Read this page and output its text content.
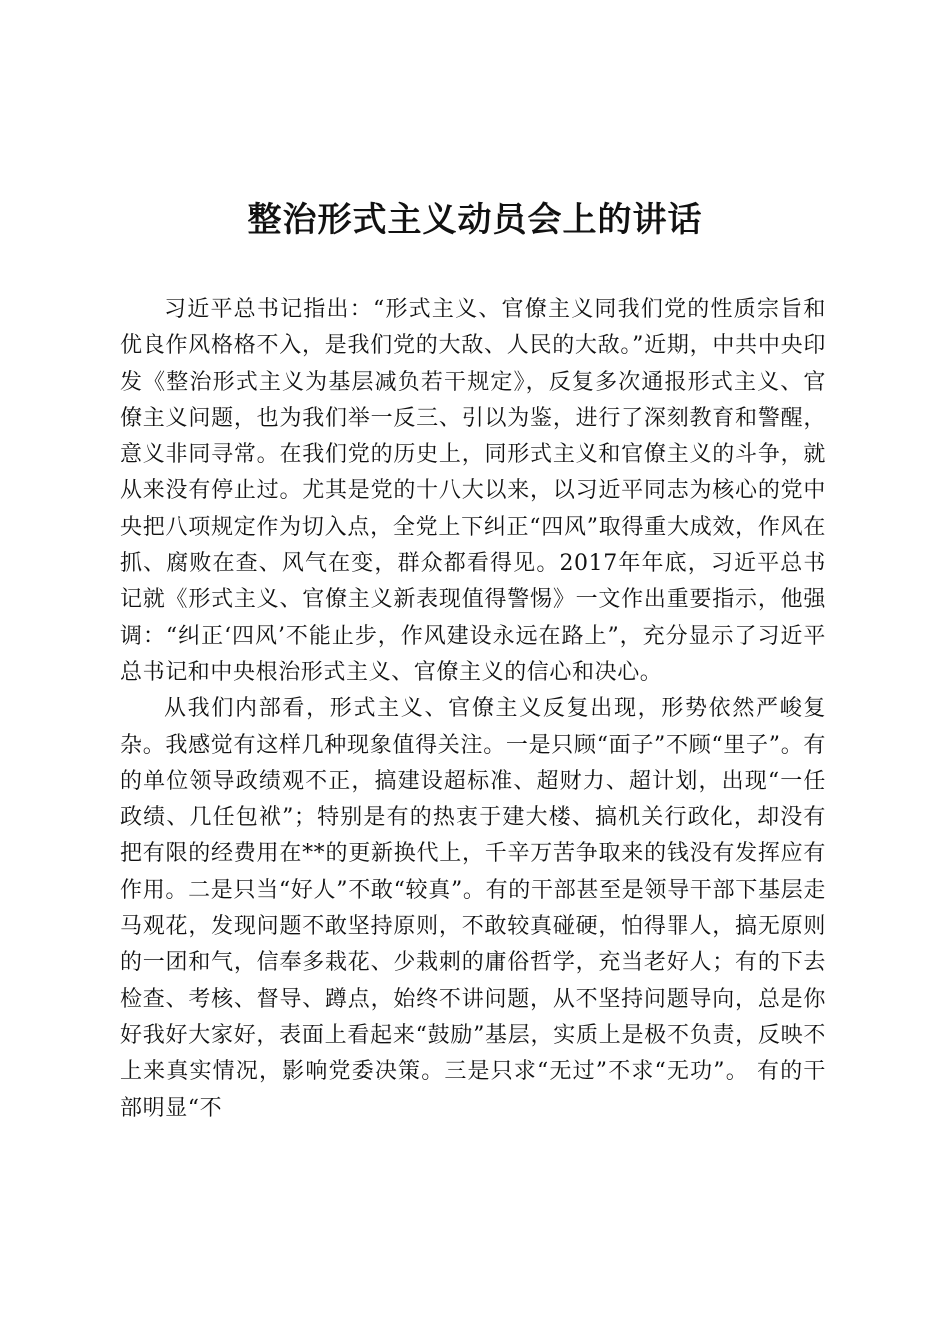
整治形式主义动员会上的讲话

习近平总书记指出：“形式主义、官僚主义同我们党的性质宗旨和优良作风格格不入，是我们党的大敌、人民的大敌。”近期，中共中央印发《整治形式主义为基层减负若干规定》，反复多次通报形式主义、官僚主义问题，也为我们举一反三、引以为鉴，进行了深刻教育和警醒，意义非同寻常。在我们党的历史上，同形式主义和官僚主义的斗争，就从来没有停止过。尤其是党的十八大以来，以习近平同志为核心的党中央把八项规定作为切入点，全党上下纠正“四风”取得重大成效，作风在抓、腐败在查、风气在变，群众都看得见。2017年年底，习近平总书记就《形式主义、官僚主义新表现值得警惕》一文作出重要指示，他强调：“纠正‘四风’不能止步，作风建设永远在路上”，充分显示了习近平总书记和中央根治形式主义、官僚主义的信心和决心。

从我们内部看，形式主义、官僚主义反复出现，形势依然严峻复杂。我感觉有这样几种现象值得关注。一是只顾“面子”不顾“里子”。有的单位领导政绩观不正，搞建设超标准、超财力、超计划，出现“一任政绩、几任包袱”；特别是有的热衷于建大楼、搞机关行政化，却没有把有限的经费用在**的更新换代上，千辛万苦争取来的钱没有发挥应有作用。二是只当“好人”不敢“较真”。有的干部甚至是领导干部下基层走马观花，发现问题不敢坚持原则，不敢较真碰硬，怕得罪人，搞无原则的一团和气，信奉多栽花、少栽刺的庸俗哲学，充当老好人；有的下去检查、考核、督导、蹲点，始终不讲问题，从不坚持问题导向，总是你好我好大家好，表面上看起来“鼓励”基层，实质上是极不负责，反映不上来真实情况，影响党委决策。三是只求“无过”不求“无功”。 有的干部明显“不
